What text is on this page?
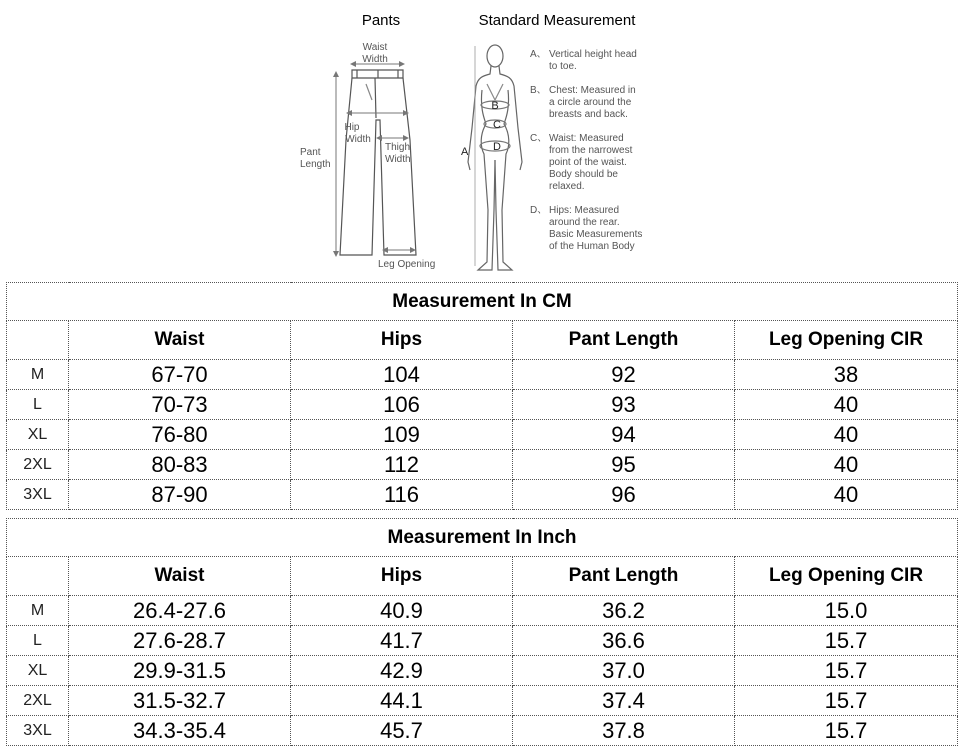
Pants	Standard Measurement
Waist
Width
Hip
Width
Pant
Length
Thigh
Width
Leg Opening
B
C
D
A
A、 Vertical height head
to toe.
B、 Chest: Measured in
a circle around the
breasts and back.
C、 Waist: Measured
from the narrowest
point of the waist.
Body should be
relaxed.
D、 Hips: Measured
around the rear.
Basic Measurements
of the Human Body
Measurement In CM				
	Waist	Hips	Pant Length	Leg Opening CIR
M	67-70	104	92	38
L	70-73	106	93	40
XL	76-80	109	94	40
2XL	80-83	112	95	40
3XL	87-90	116	96	40
Measurement In Inch				
	Waist	Hips	Pant Length	Leg Opening CIR
M	26.4-27.6	40.9	36.2	15.0
L	27.6-28.7	41.7	36.6	15.7
XL	29.9-31.5	42.9	37.0	15.7
2XL	31.5-32.7	44.1	37.4	15.7
3XL	34.3-35.4	45.7	37.8	15.7
